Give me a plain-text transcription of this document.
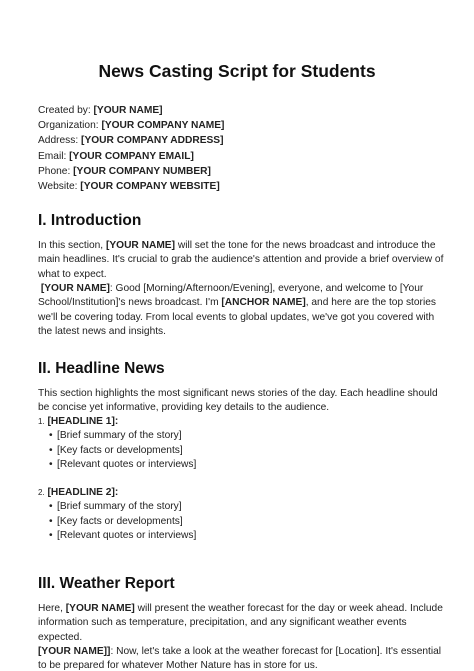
News Casting Script for Students
Created by: [YOUR NAME]
Organization: [YOUR COMPANY NAME]
Address: [YOUR COMPANY ADDRESS]
Email: [YOUR COMPANY EMAIL]
Phone: [YOUR COMPANY NUMBER]
Website: [YOUR COMPANY WEBSITE]
I. Introduction

In this section, [YOUR NAME] will set the tone for the news broadcast and introduce the main headlines. It's crucial to grab the audience's attention and provide a brief overview of what to expect.

[YOUR NAME]: Good [Morning/Afternoon/Evening], everyone, and welcome to [Your School/Institution]'s news broadcast. I'm [ANCHOR NAME], and here are the top stories we'll be covering today. From local events to global updates, we've got you covered with the latest news and insights.

II. Headline News

This section highlights the most significant news stories of the day. Each headline should be concise yet informative, providing key details to the audience.

1. [HEADLINE 1]:
• [Brief summary of the story]
• [Key facts or developments]
• [Relevant quotes or interviews]
2. [HEADLINE 2]:
• [Brief summary of the story]
• [Key facts or developments]
• [Relevant quotes or interviews]
III. Weather Report

Here, [YOUR NAME] will present the weather forecast for the day or week ahead. Include information such as temperature, precipitation, and any significant weather events expected.

[YOUR NAME]]: Now, let's take a look at the weather forecast for [Location]. It's essential to be prepared for whatever Mother Nature has in store for us.
